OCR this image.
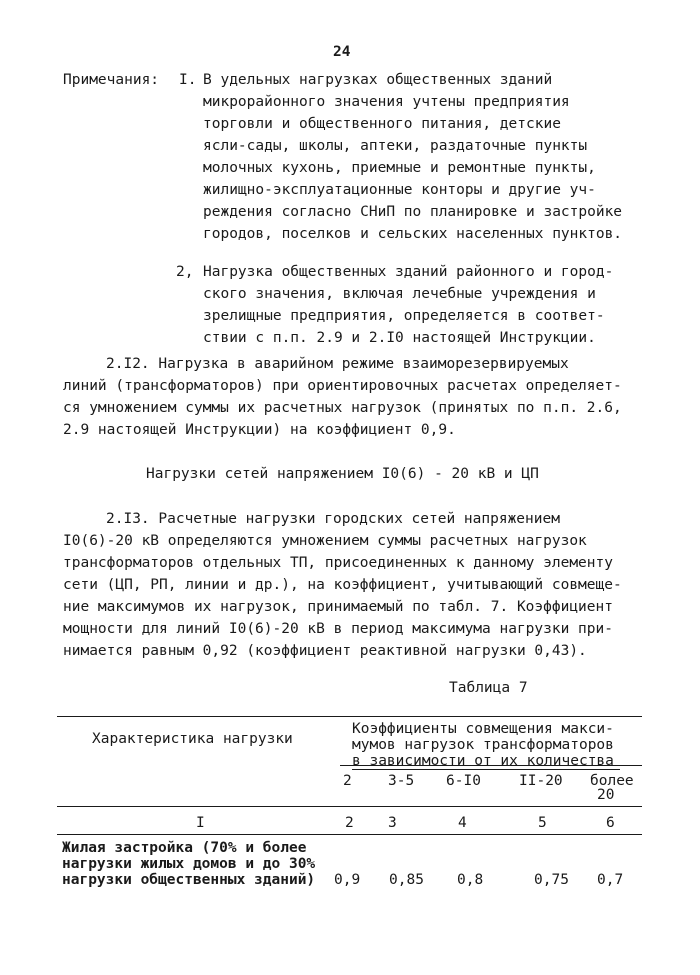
24
Примечания: I. В удельных нагрузках общественных зданий
микрорайонного значения учтены предприятия
торговли и общественного питания, детские
ясли-сады, школы, аптеки, раздаточные пункты
молочных кухонь, приемные и ремонтные пункты,
жилищно-эксплуатационные конторы и другие уч-
реждения согласно СНиП по планировке и застройке
городов, поселков и сельских населенных пунктов.
2, Нагрузка общественных зданий районного и город-
ского значения, включая лечебные учреждения и
зрелищные предприятия, определяется в соответ-
ствии с п.п. 2.9 и 2.I0 настоящей Инструкции.
2.I2. Нагрузка в аварийном режиме взаиморезервируемых
линий (трансформаторов) при ориентировочных расчетах определяет-
ся умножением суммы их расчетных нагрузок (принятых по п.п. 2.6,
2.9 настоящей Инструкции) на коэффициент 0,9.
Нагрузки сетей напряжением I0(6) - 20 кВ и ЦП
2.I3. Расчетные нагрузки городских сетей напряжением
I0(6)-20 кВ определяются умножением суммы расчетных нагрузок
трансформаторов отдельных ТП, присоединенных к данному элементу
сети (ЦП, РП, линии и др.), на коэффициент, учитывающий совмеще-
ние максимумов их нагрузок, принимаемый по табл. 7. Коэффициент
мощности для линий I0(6)-20 кВ в период максимума нагрузки при-
нимается равным 0,92 (коэффициент реактивной нагрузки 0,43).
Таблица 7
Характеристика нагрузки
Коэффициенты совмещения макси-
мумов нагрузок трансформаторов
в зависимости от их количества
2	3-5 6-I0	II-20 более
20
I	2 3	4	5	6
Жилая застройка (70% и более
нагрузки жилых домов и до 30%
нагрузки общественных зданий) 0,9 0,85 0,8	0,75 0,7
